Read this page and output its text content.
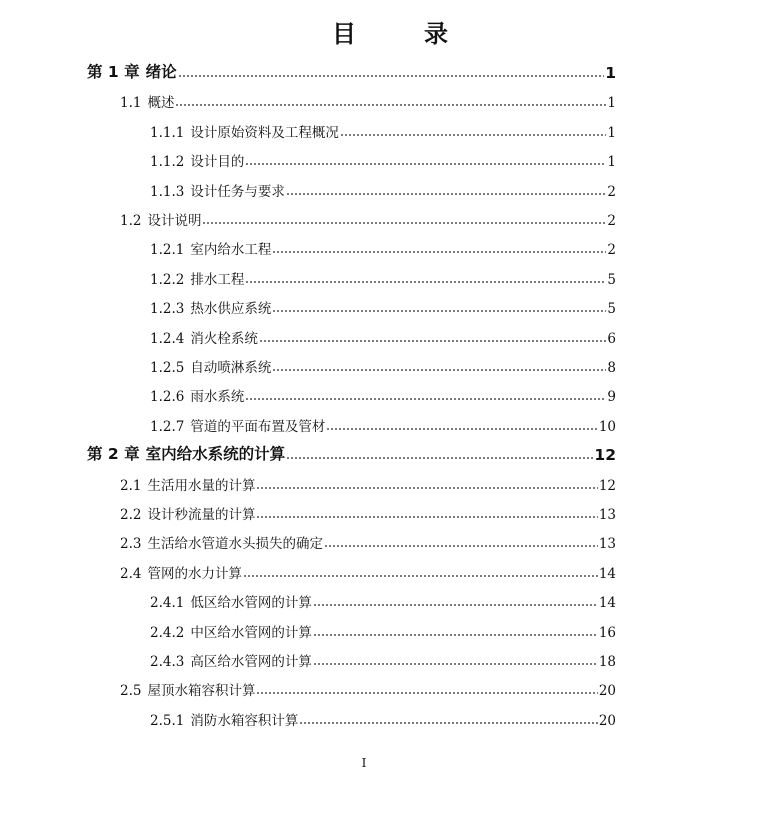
目　录
第 1 章 绪论	1
1.1 概述	1
1.1.1 设计原始资料及工程概况	1
1.1.2 设计目的	1
1.1.3 设计任务与要求	2
1.2 设计说明	2
1.2.1 室内给水工程	2
1.2.2 排水工程	5
1.2.3 热水供应系统	5
1.2.4 消火栓系统	6
1.2.5 自动喷淋系统	8
1.2.6 雨水系统	9
1.2.7 管道的平面布置及管材	10
第 2 章 室内给水系统的计算	12
2.1 生活用水量的计算	12
2.2 设计秒流量的计算	13
2.3 生活给水管道水头损失的确定	13
2.4 管网的水力计算	14
2.4.1 低区给水管网的计算	14
2.4.2 中区给水管网的计算	16
2.4.3 高区给水管网的计算	18
2.5 屋顶水箱容积计算	20
2.5.1 消防水箱容积计算	20
I
